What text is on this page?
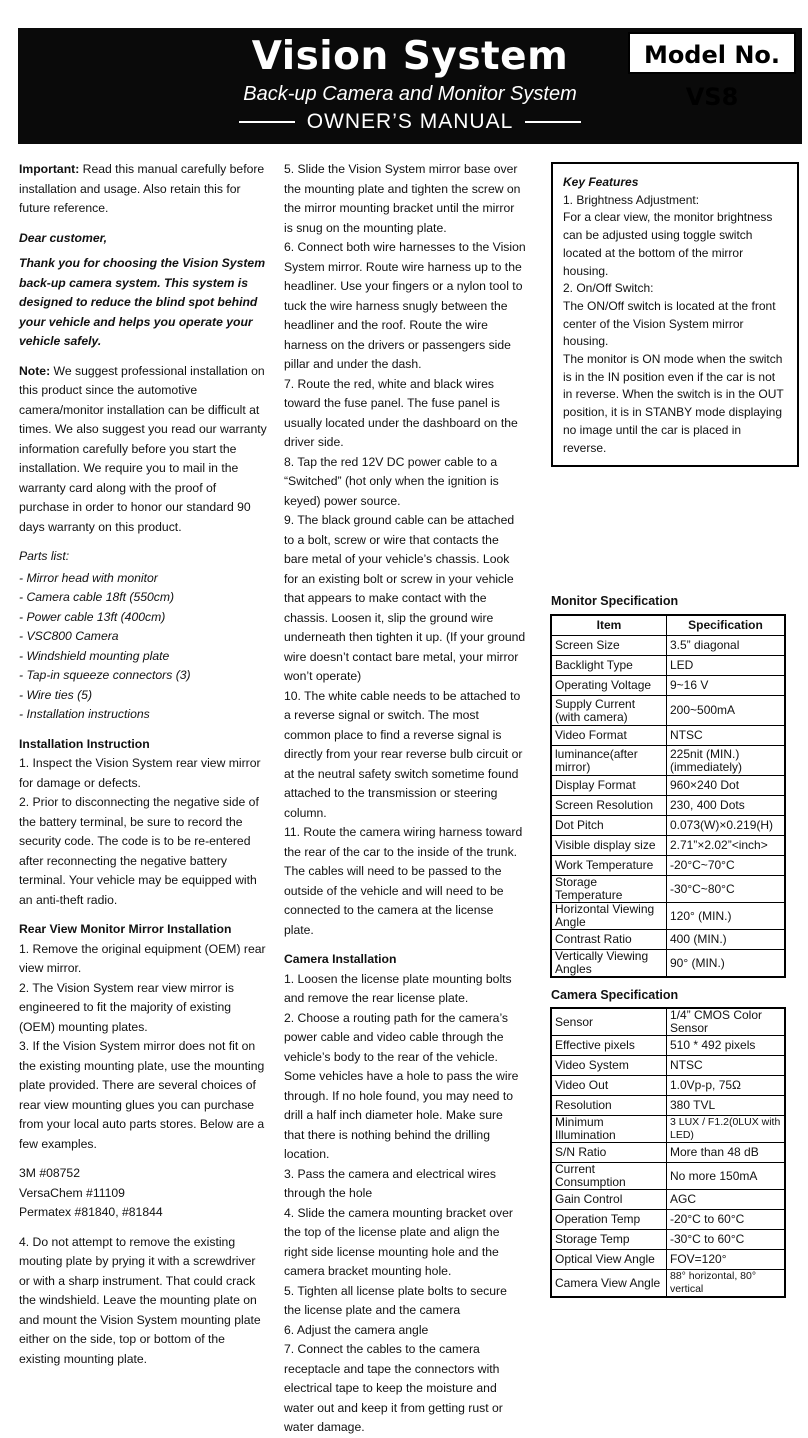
Vision System	Model No. VS8
Back-up Camera and Monitor System
OWNER’S MANUAL

Important: Read this manual carefully before installation and usage. Also retain this for future reference.

Dear customer,

Thank you for choosing the Vision System back-up camera system. This system is designed to reduce the blind spot behind your vehicle and helps you operate your vehicle safely.

Note: We suggest professional installation on this product since the automotive camera/monitor installation can be difficult at times. We also suggest you read our warranty information carefully before you start the installation. We require you to mail in the warranty card along with the proof of purchase in order to honor our standard 90 days warranty on this product.

Parts list:
- Mirror head with monitor
- Camera cable 18ft (550cm)
- Power cable 13ft (400cm)
- VSC800 Camera
- Windshield mounting plate
- Tap-in squeeze connectors (3)
- Wire ties (5)
- Installation instructions
Installation Instruction
1. Inspect the Vision System rear view mirror for damage or defects.

2. Prior to disconnecting the negative side of the battery terminal, be sure to record the security code. The code is to be re-entered after reconnecting the negative battery terminal. Your vehicle may be equipped with an anti-theft radio.

Rear View Monitor Mirror Installation
1. Remove the original equipment (OEM) rear view mirror.
2. The Vision System rear view mirror is engineered to fit the majority of existing (OEM) mounting plates.

3. If the Vision System mirror does not fit on the existing mounting plate, use the mounting plate provided. There are several choices of rear view mounting glues you can purchase from your local auto parts stores. Below are a few examples.

3M #08752
VersaChem #11109
Permatex #81840, #81844
4. Do not attempt to remove the existing mouting plate by prying it with a screwdriver or with a sharp instrument. That could crack the windshield. Leave the mounting plate on and mount the Vision System mounting plate either on the side, top or bottom of the existing mounting plate.
5. Slide the Vision System mirror base over the mounting plate and tighten the screw on the mirror mounting bracket until the mirror is snug on the mounting plate.
6. Connect both wire harnesses to the Vision System mirror. Route wire harness up to the headliner. Use your fingers or a nylon tool to tuck the wire harness snugly between the headliner and the roof. Route the wire harness on the drivers or passengers side pillar and under the dash.
7. Route the red, white and black wires toward the fuse panel. The fuse panel is usually located under the dashboard on the driver side.
8. Tap the red 12V DC power cable to a “Switched” (hot only when the ignition is keyed) power source.
9. The black ground cable can be attached to a bolt, screw or wire that contacts the bare metal of your vehicle’s chassis. Look for an existing bolt or screw in your vehicle that appears to make contact with the chassis. Loosen it, slip the ground wire underneath then tighten it up. (If your ground wire doesn’t contact bare metal, your mirror won’t operate)
10. The white cable needs to be attached to a reverse signal or switch. The most common place to find a reverse signal is directly from your rear reverse bulb circuit or at the neutral safety switch sometime found attached to the transmission or steering column.

11. Route the camera wiring harness toward the rear of the car to the inside of the trunk. The cables will need to be passed to the outside of the vehicle and will need to be connected to the camera at the license plate.

Camera Installation
1. Loosen the license plate mounting bolts and remove the rear license plate.
2. Choose a routing path for the camera’s power cable and video cable through the vehicle’s body to the rear of the vehicle. Some vehicles have a hole to pass the wire through. If no hole found, you may need to drill a half inch diameter hole. Make sure that there is nothing behind the drilling location.
3. Pass the camera and electrical wires through the hole
4. Slide the camera mounting bracket over the top of the license plate and align the right side license mounting hole and the camera bracket mounting hole.
5. Tighten all license plate bolts to secure the license plate and the camera
6. Adjust the camera angle
7. Connect the cables to the camera receptacle and tape the connectors with electrical tape to keep the moisture and water out and keep it from getting rust or water damage.
Key Features
1. Brightness Adjustment:
For a clear view, the monitor brightness can be adjusted using toggle switch located at the bottom of the mirror housing.
2. On/Off Switch:
The ON/Off switch is located at the front center of the Vision System mirror housing.
The monitor is ON mode when the switch is in the IN position even if the car is not in reverse. When the switch is in the OUT position, it is in STANBY mode displaying no image until the car is placed in reverse.
Monitor Specification
Item	Specification
Screen Size	3.5” diagonal
Backlight Type	LED
Operating Voltage	9~16 V
Supply Current (with camera)	200~500mA
Video Format	NTSC
luminance(after mirror)	225nit (MIN.) (immediately)
Display Format	960×240 Dot
Screen Resolution	230, 400 Dots
Dot Pitch	0.073(W)×0.219(H)
Visible display size	2.71”×2.02”<inch>
Work Temperature	-20°C~70°C
Storage Temperature	-30°C~80°C
Horizontal Viewing Angle	120° (MIN.)
Contrast Ratio	400 (MIN.)
Vertically Viewing Angles	90° (MIN.)
Camera Specification
Sensor	1/4” CMOS Color Sensor
Effective pixels	510 * 492 pixels
Video System	NTSC
Video Out	1.0Vp-p, 75Ω
Resolution	380 TVL
Minimum Illumination	3 LUX / F1.2(0LUX with LED)
S/N Ratio	More than 48 dB
Current Consumption	No more 150mA
Gain Control	AGC
Operation Temp	-20°C to 60°C
Storage Temp	-30°C to 60°C
Optical View Angle	FOV=120°
Camera View Angle	88° horizontal, 80° vertical
